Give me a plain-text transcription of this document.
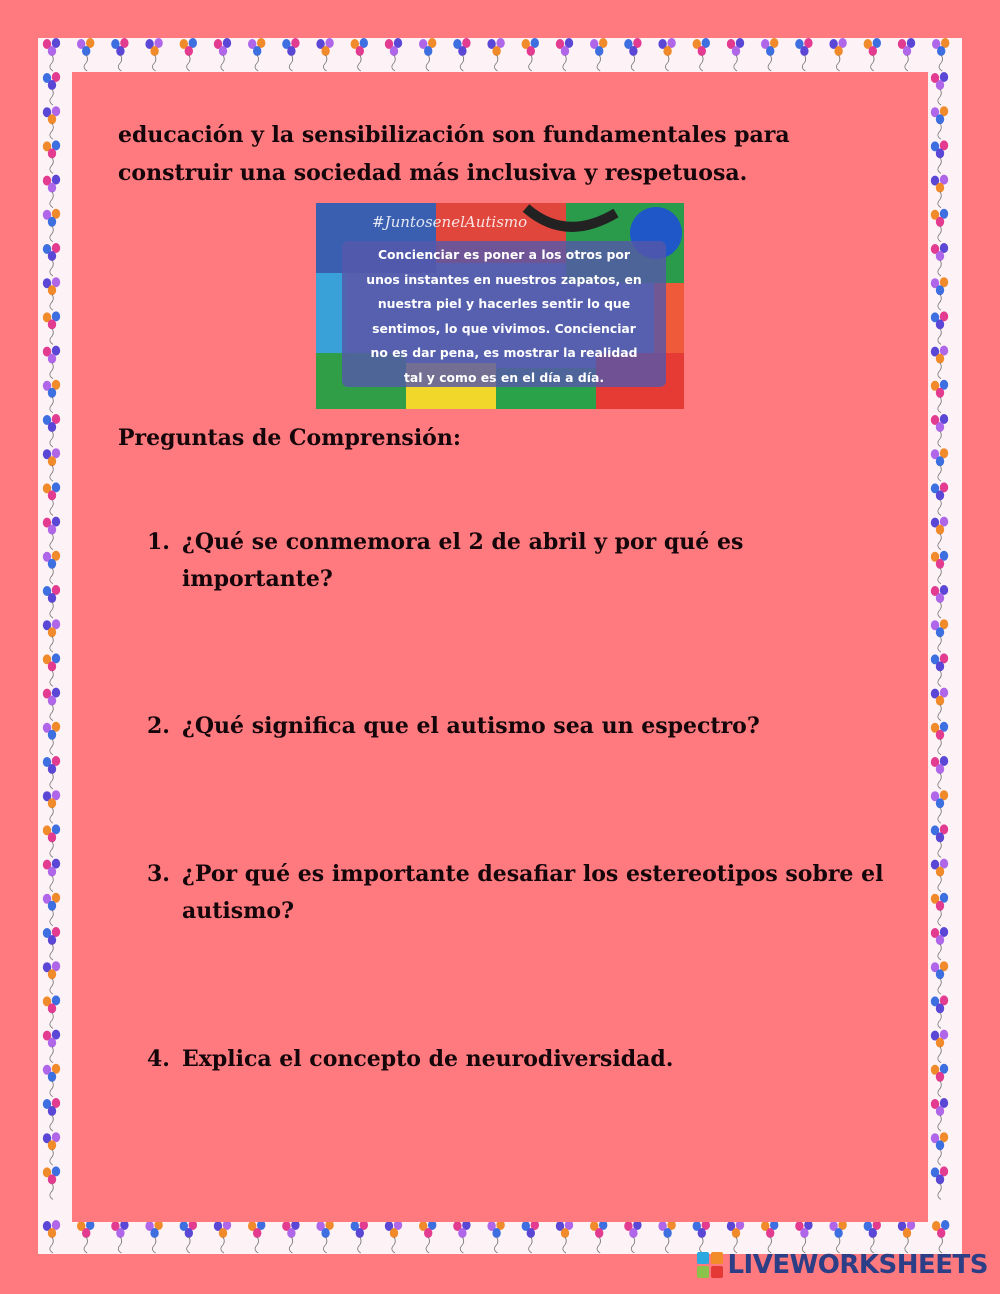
educación y la sensibilización son fundamentales para
construir una sociedad más inclusiva y respetuosa.

#JuntosenelAutismo
Concienciar es poner a los otros por
unos instantes en nuestros zapatos, en
nuestra piel y hacerles sentir lo que
sentimos, lo que vivimos. Concienciar
no es dar pena, es mostrar la realidad
tal y como es en el día a día.
Preguntas de Comprensión:
1. ¿Qué se conmemora el 2 de abril y por qué es importante?
2. ¿Qué significa que el autismo sea un espectro?
3. ¿Por qué es importante desafiar los estereotipos sobre el autismo?
4. Explica el concepto de neurodiversidad.
LIVEWORKSHEETS
